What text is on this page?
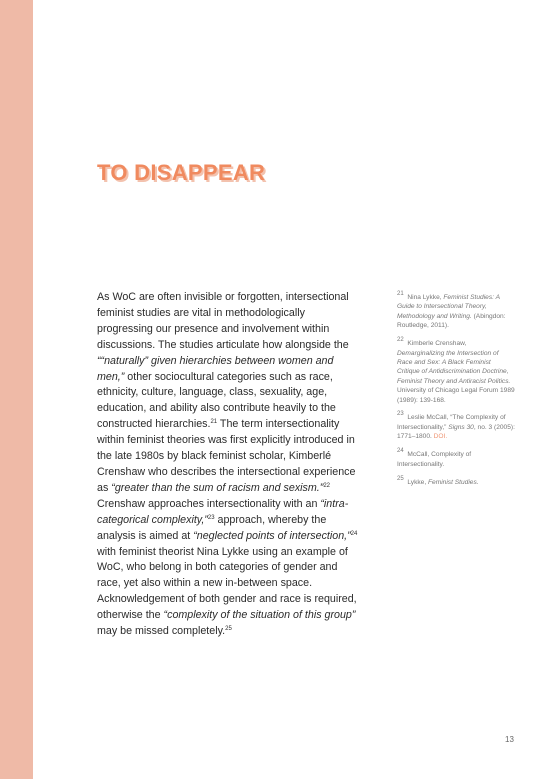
TO DISAPPEAR

As WoC are often invisible or forgotten, intersectional feminist studies are vital in methodologically progressing our presence and involvement within discussions. The studies articulate how alongside the ““naturally” given hierarchies between women and men,” other sociocultural categories such as race, ethnicity, culture, language, class, sexuality, age, education, and ability also contribute heavily to the constructed hierarchies.$^{21}$ The term intersectionality within feminist theories was first explicitly introduced in the late 1980s by black feminist scholar, Kimberlé Crenshaw who describes the intersectional experience as “greater than the sum of racism and sexism.”$^{22}$ Crenshaw approaches intersectionality with an “intra-categorical complexity,”$^{23}$ approach, whereby the analysis is aimed at “neglected points of intersection,”$^{24}$ with feminist theorist Nina Lykke using an example of WoC, who belong in both categories of gender and race, yet also within a new in-between space. Acknowledgement of both gender and race is required, otherwise the “complexity of the situation of this group” may be missed completely.$^{25}$

$^{21}$ Nina Lykke, Feminist Studies: A Guide to Intersectional Theory, Methodology and Writing. (Abingdon: Routledge, 2011).

$^{22}$ Kimberle Crenshaw, Demarginalizing the Intersection of Race and Sex: A Black Feminist Critique of Antidiscrimination Doctrine, Feminist Theory and Antiracist Politics. University of Chicago Legal Forum 1989 (1989): 139-168.

$^{23}$ Leslie McCall, “The Complexity of Intersectionality,” Signs 30, no. 3 (2005): 1771–1800. DOI.

$^{24}$ McCall, Complexity of Intersectionality.

$^{25}$ Lykke, Feminist Studies.

13
